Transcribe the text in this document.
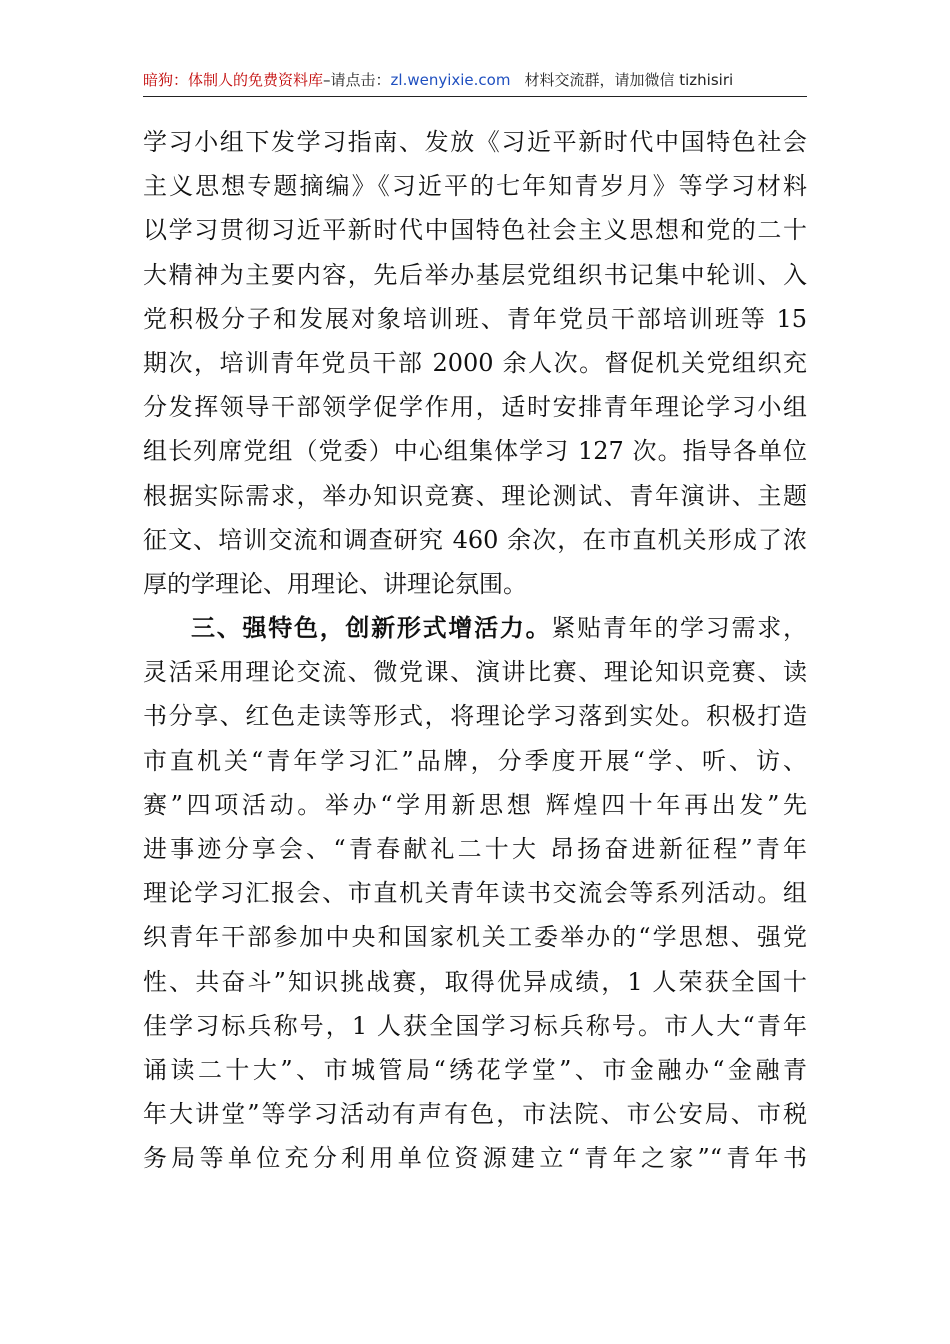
暗狗：体制人的免费资料库–请点击：zl.wenyixie.com 材料交流群，请加微信 tizhisiri
学习小组下发学习指南、发放《习近平新时代中国特色社会
主义思想专题摘编》《习近平的七年知青岁月》等学习材料
以学习贯彻习近平新时代中国特色社会主义思想和党的二十
大精神为主要内容，先后举办基层党组织书记集中轮训、入
党积极分子和发展对象培训班、青年党员干部培训班等 15
期次，培训青年党员干部 2000 余人次。督促机关党组织充
分发挥领导干部领学促学作用，适时安排青年理论学习小组
组长列席党组（党委）中心组集体学习 127 次。指导各单位
根据实际需求，举办知识竞赛、理论测试、青年演讲、主题
征文、培训交流和调查研究 460 余次，在市直机关形成了浓
厚的学理论、用理论、讲理论氛围。
三、强特色，创新形式增活力。紧贴青年的学习需求，
灵活采用理论交流、微党课、演讲比赛、理论知识竞赛、读
书分享、红色走读等形式，将理论学习落到实处。积极打造
市直机关“青年学习汇”品牌，分季度开展“学、听、访、
赛”四项活动。举办“学用新思想 辉煌四十年再出发”先
进事迹分享会、“青春献礼二十大 昂扬奋进新征程”青年
理论学习汇报会、市直机关青年读书交流会等系列活动。组
织青年干部参加中央和国家机关工委举办的“学思想、强党
性、共奋斗”知识挑战赛，取得优异成绩，1 人荣获全国十
佳学习标兵称号，1 人获全国学习标兵称号。市人大“青年
诵读二十大”、市城管局“绣花学堂”、市金融办“金融青
年大讲堂”等学习活动有声有色，市法院、市公安局、市税
务局等单位充分利用单位资源建立“青年之家”“青年书
